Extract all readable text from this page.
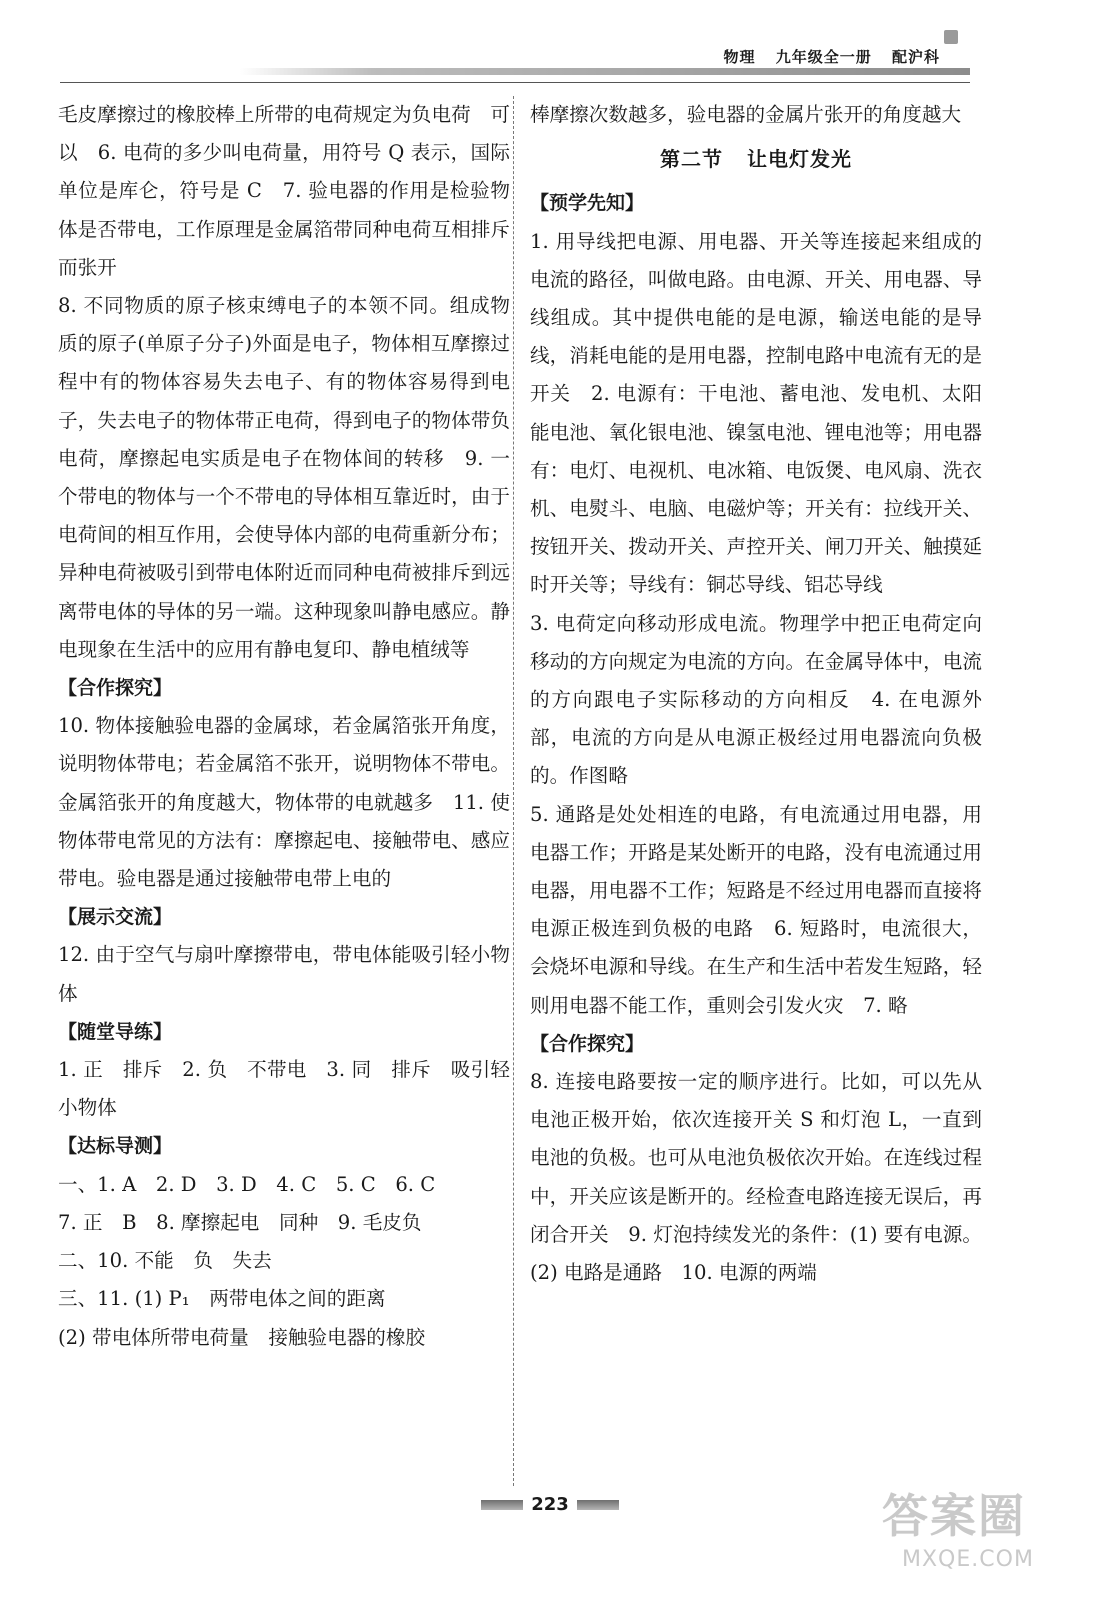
物理 九年级全一册 配沪科

毛皮摩擦过的橡胶棒上所带的电荷规定为负电荷　可以　6. 电荷的多少叫电荷量，用符号 Q 表示，国际单位是库仑，符号是 C　7. 验电器的作用是检验物体是否带电，工作原理是金属箔带同种电荷互相排斥而张开

8. 不同物质的原子核束缚电子的本领不同。组成物质的原子(单原子分子)外面是电子，物体相互摩擦过程中有的物体容易失去电子、有的物体容易得到电子，失去电子的物体带正电荷，得到电子的物体带负电荷，摩擦起电实质是电子在物体间的转移　9. 一个带电的物体与一个不带电的导体相互靠近时，由于电荷间的相互作用，会使导体内部的电荷重新分布；异种电荷被吸引到带电体附近而同种电荷被排斥到远离带电体的导体的另一端。这种现象叫静电感应。静电现象在生活中的应用有静电复印、静电植绒等

【合作探究】

10. 物体接触验电器的金属球，若金属箔张开角度，说明物体带电；若金属箔不张开，说明物体不带电。金属箔张开的角度越大，物体带的电就越多　11. 使物体带电常见的方法有：摩擦起电、接触带电、感应带电。验电器是通过接触带电带上电的

【展示交流】

12. 由于空气与扇叶摩擦带电，带电体能吸引轻小物体

【随堂导练】

1. 正　排斥　2. 负　不带电　3. 同　排斥　吸引轻小物体

【达标导测】

一、1. A　2. D　3. D　4. C　5. C　6. C

7. 正　B　8. 摩擦起电　同种　9. 毛皮负

二、10. 不能　负　失去

三、11. (1) P₁　两带电体之间的距离

(2) 带电体所带电荷量　接触验电器的橡胶

棒摩擦次数越多，验电器的金属片张开的角度越大

第二节 让电灯发光

【预学先知】

1. 用导线把电源、用电器、开关等连接起来组成的电流的路径，叫做电路。由电源、开关、用电器、导线组成。其中提供电能的是电源，输送电能的是导线，消耗电能的是用电器，控制电路中电流有无的是开关　2. 电源有：干电池、蓄电池、发电机、太阳能电池、氧化银电池、镍氢电池、锂电池等；用电器有：电灯、电视机、电冰箱、电饭煲、电风扇、洗衣机、电熨斗、电脑、电磁炉等；开关有：拉线开关、按钮开关、拨动开关、声控开关、闸刀开关、触摸延时开关等；导线有：铜芯导线、铝芯导线

3. 电荷定向移动形成电流。物理学中把正电荷定向移动的方向规定为电流的方向。在金属导体中，电流的方向跟电子实际移动的方向相反　4. 在电源外部，电流的方向是从电源正极经过用电器流向负极的。作图略

5. 通路是处处相连的电路，有电流通过用电器，用电器工作；开路是某处断开的电路，没有电流通过用电器，用电器不工作；短路是不经过用电器而直接将电源正极连到负极的电路　6. 短路时，电流很大，会烧坏电源和导线。在生产和生活中若发生短路，轻则用电器不能工作，重则会引发火灾　7. 略

【合作探究】

8. 连接电路要按一定的顺序进行。比如，可以先从电池正极开始，依次连接开关 S 和灯泡 L，一直到电池的负极。也可从电池负极依次开始。在连线过程中，开关应该是断开的。经检查电路连接无误后，再闭合开关　9. 灯泡持续发光的条件：(1) 要有电源。(2) 电路是通路　10. 电源的两端

223	答案圈
MXQE.COM
